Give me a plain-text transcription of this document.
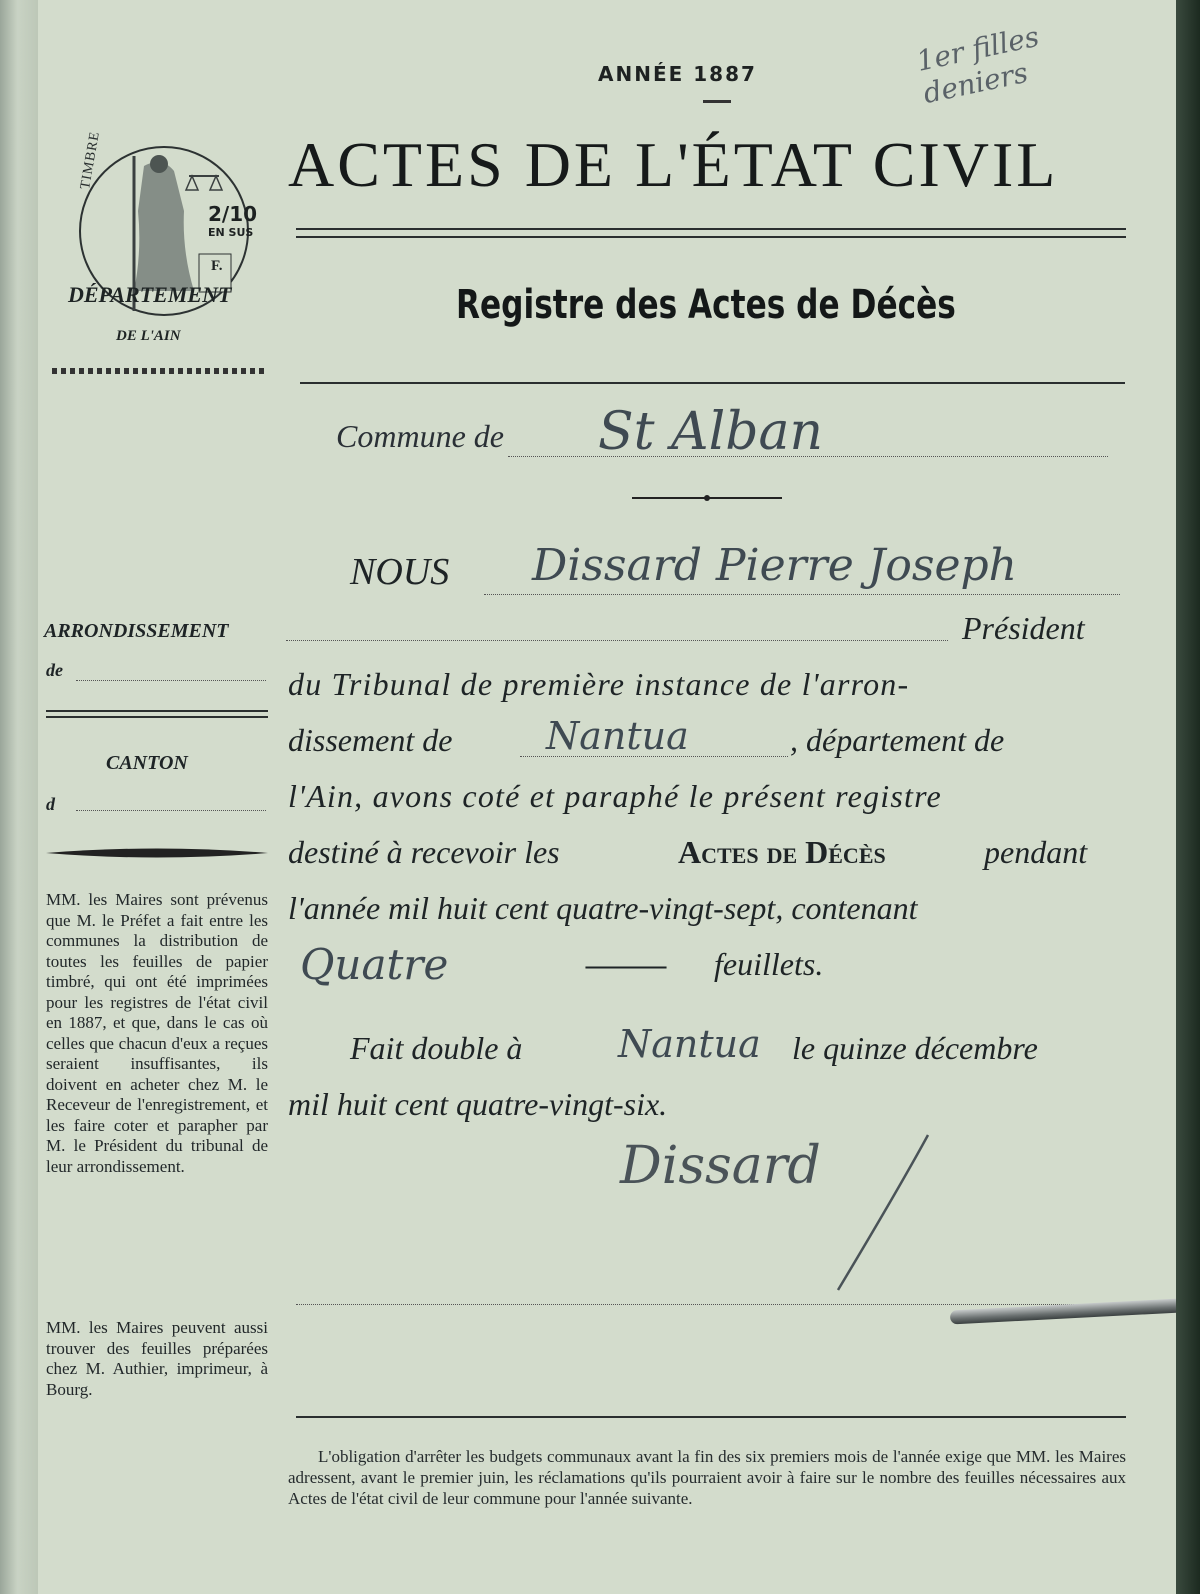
1er filles deniers
ANNÉE 1887
ACTES DE L'ÉTAT CIVIL
Registre des Actes de Décès
TIMBRE
2/10
EN SUS
F.
DÉPARTEMENT
DE L'AIN
ARRONDISSEMENT
de
CANTON
d
MM. les Maires sont prévenus que M. le Préfet a fait entre les communes la distribution de toutes les feuilles de papier timbré, qui ont été imprimées pour les registres de l'état civil en 1887, et que, dans le cas où celles que chacun d'eux a reçues seraient insuffisantes, ils doivent en acheter chez M. le Receveur de l'enregistrement, et les faire coter et parapher par M. le Président du tribunal de leur arrondissement.
MM. les Maires peuvent aussi trouver des feuilles préparées chez M. Authier, imprimeur, à Bourg.
Commune de St Alban
NOUS Dissard Pierre Joseph
Président
du Tribunal de première instance de l'arron-
dissement de Nantua	, département de
l'Ain, avons coté et paraphé le présent registre
destiné à recevoir les	Actes de Décès	pendant
l'année mil huit cent quatre-vingt-sept, contenant
Quatre	— feuillets.
Fait double à	Nantua le quinze décembre
mil huit cent quatre-vingt-six.
Dissard
L'obligation d'arrêter les budgets communaux avant la fin des six premiers mois de l'année exige que MM. les Maires adressent, avant le premier juin, les réclamations qu'ils pourraient avoir à faire sur le nombre des feuilles nécessaires aux Actes de l'état civil de leur commune pour l'année suivante.
